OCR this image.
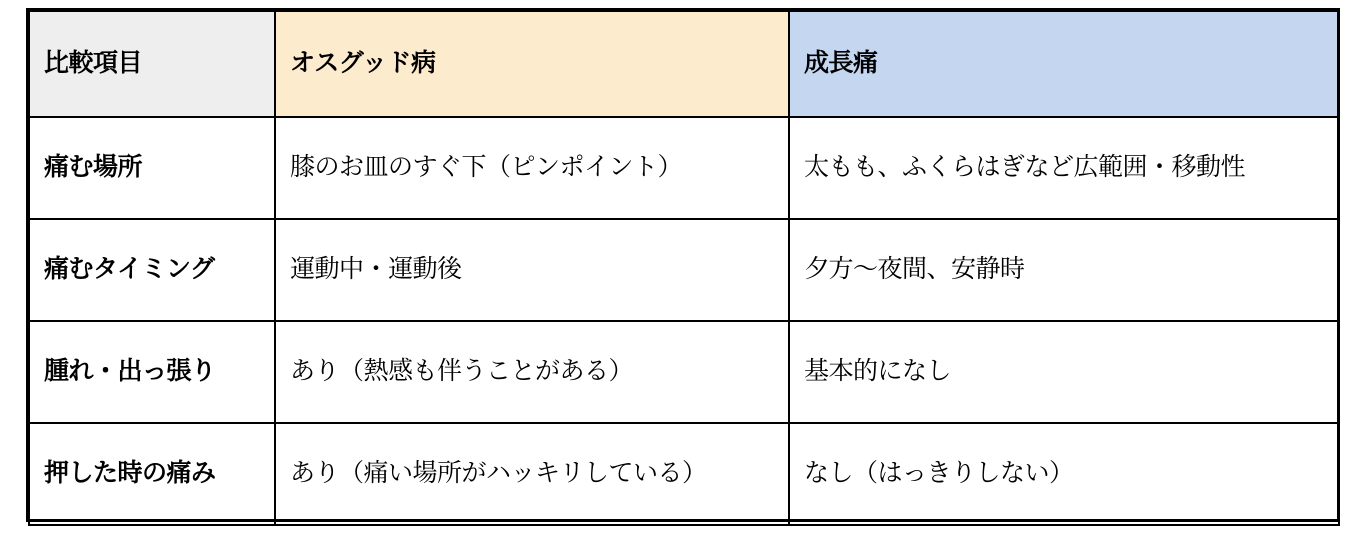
比較項目	オスグッド病	成長痛
痛む場所	膝のお皿のすぐ下（ピンポイント）	太もも、ふくらはぎなど広範囲・移動性
痛むタイミング	運動中・運動後	夕方〜夜間、安静時
腫れ・出っ張り	あり（熱感も伴うことがある）	基本的になし
押した時の痛み	あり（痛い場所がハッキリしている）	なし（はっきりしない）
